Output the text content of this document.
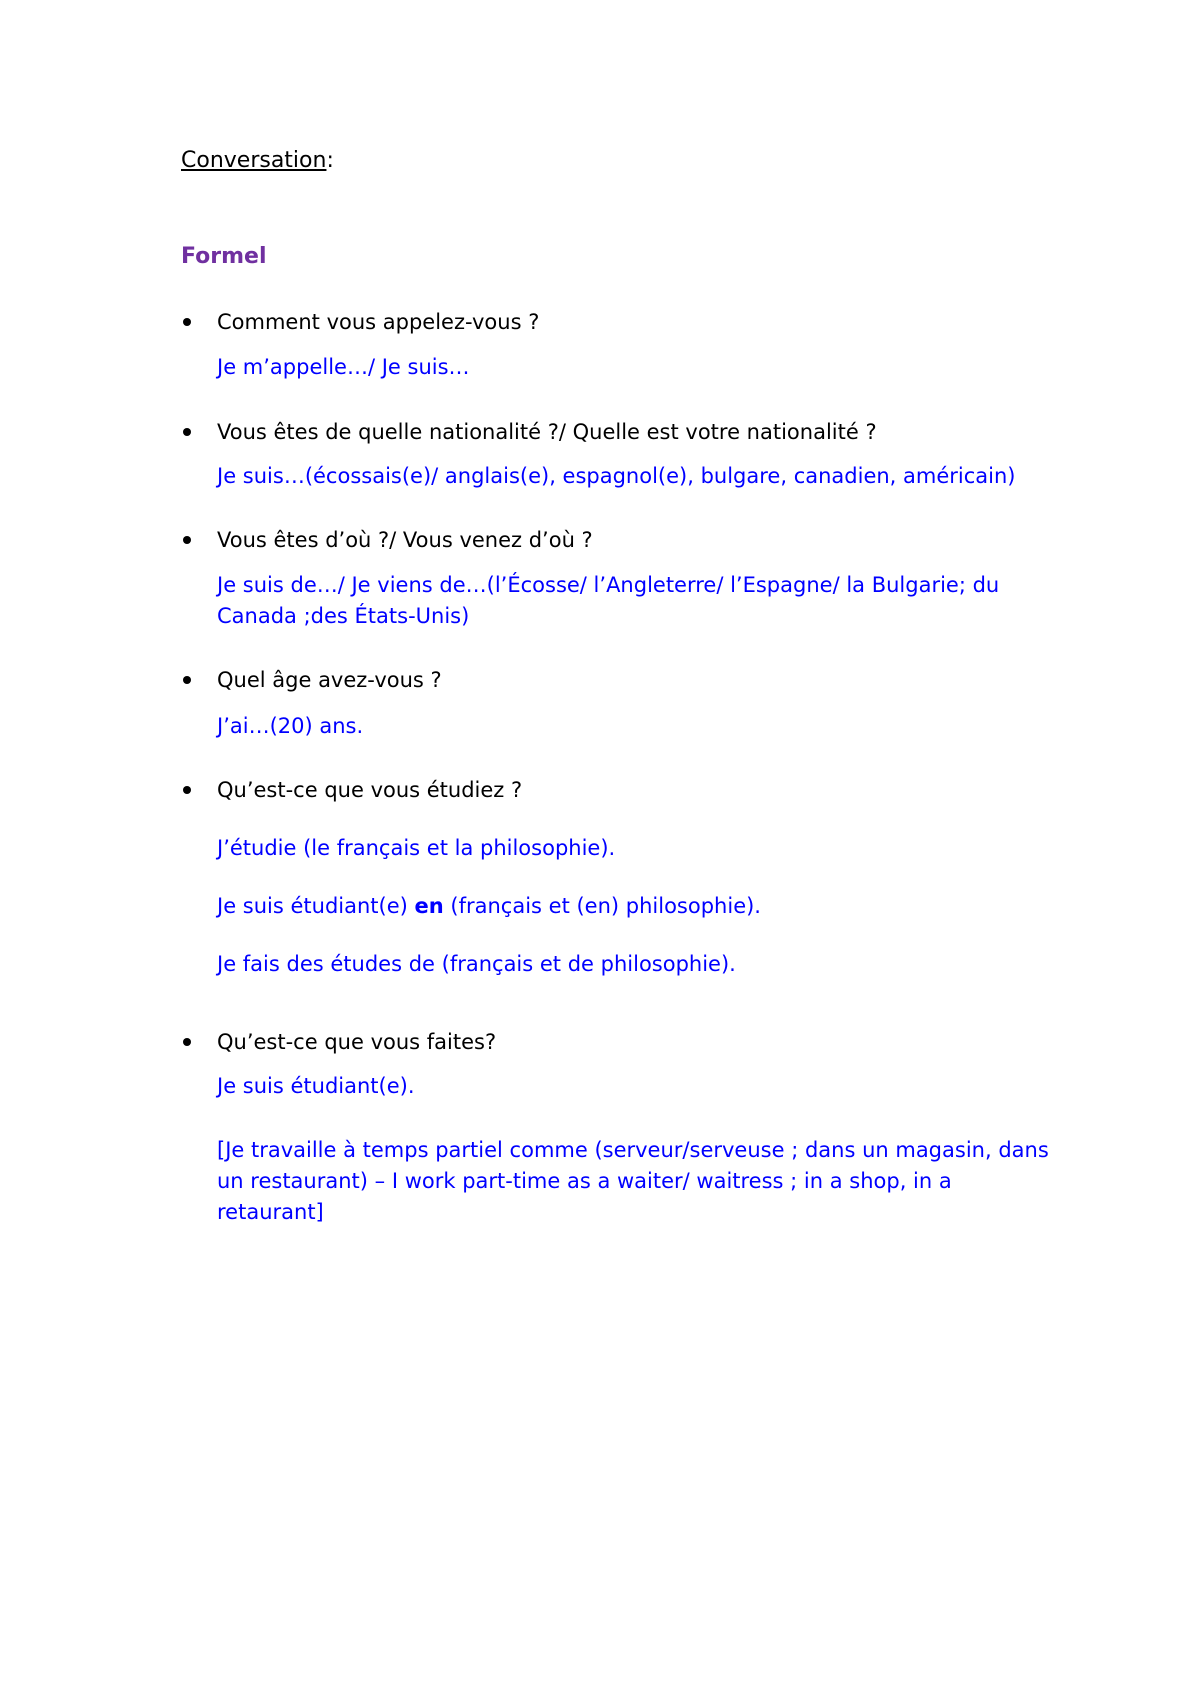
Conversation:
Formel
Comment vous appelez-vous ?
Je m’appelle…/ Je suis…
Vous êtes de quelle nationalité ?/ Quelle est votre nationalité ?
Je suis…(écossais(e)/ anglais(e), espagnol(e), bulgare, canadien, américain)
Vous êtes d’où ?/ Vous venez d’où ?
Je suis de…/ Je viens de…(l’Écosse/ l’Angleterre/ l’Espagne/ la Bulgarie; du Canada ;des États-Unis)
Quel âge avez-vous ?
J’ai…(20) ans.
Qu’est-ce que vous étudiez ?
J’étudie (le français et la philosophie).
Je suis étudiant(e) en (français et (en) philosophie).
Je fais des études de (français et de philosophie).
Qu’est-ce que vous faites?
Je suis étudiant(e).
[Je travaille à temps partiel comme (serveur/serveuse ; dans un magasin, dans un restaurant) – I work part-time as a waiter/ waitress ; in a shop, in a retaurant]
